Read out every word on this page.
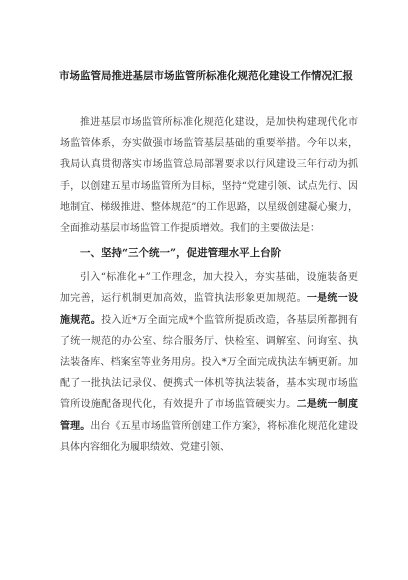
市场监管局推进基层市场监管所标准化规范化建设工作情况汇报

推进基层市场监管所标准化规范化建设，是加快构建现代化市场监管体系，夯实做强市场监管基层基础的重要举措。今年以来，我局认真贯彻落实市场监管总局部署要求以行风建设三年行动为抓手，以创建五星市场监管所为目标，坚持“党建引领、试点先行、因地制宜、梯级推进、整体规范”的工作思路，以星级创建凝心聚力，全面推动基层市场监管工作提质增效。我们的主要做法是：

一、坚持“三个统一”，促进管理水平上台阶

引入“标准化+”工作理念，加大投入，夯实基础，设施装备更加完善，运行机制更加高效，监管执法形象更加规范。一是统一设施规范。投入近*万全面完成*个监管所提质改造，各基层所都拥有了统一规范的办公室、综合服务厅、快检室、调解室、问询室、执法装备库、档案室等业务用房。投入*万全面完成执法车辆更新。加配了一批执法记录仪、便携式一体机等执法装备，基本实现市场监管所设施配备现代化，有效提升了市场监管硬实力。二是统一制度管理。出台《五星市场监管所创建工作方案》，将标准化规范化建设具体内容细化为履职绩效、党建引领、
